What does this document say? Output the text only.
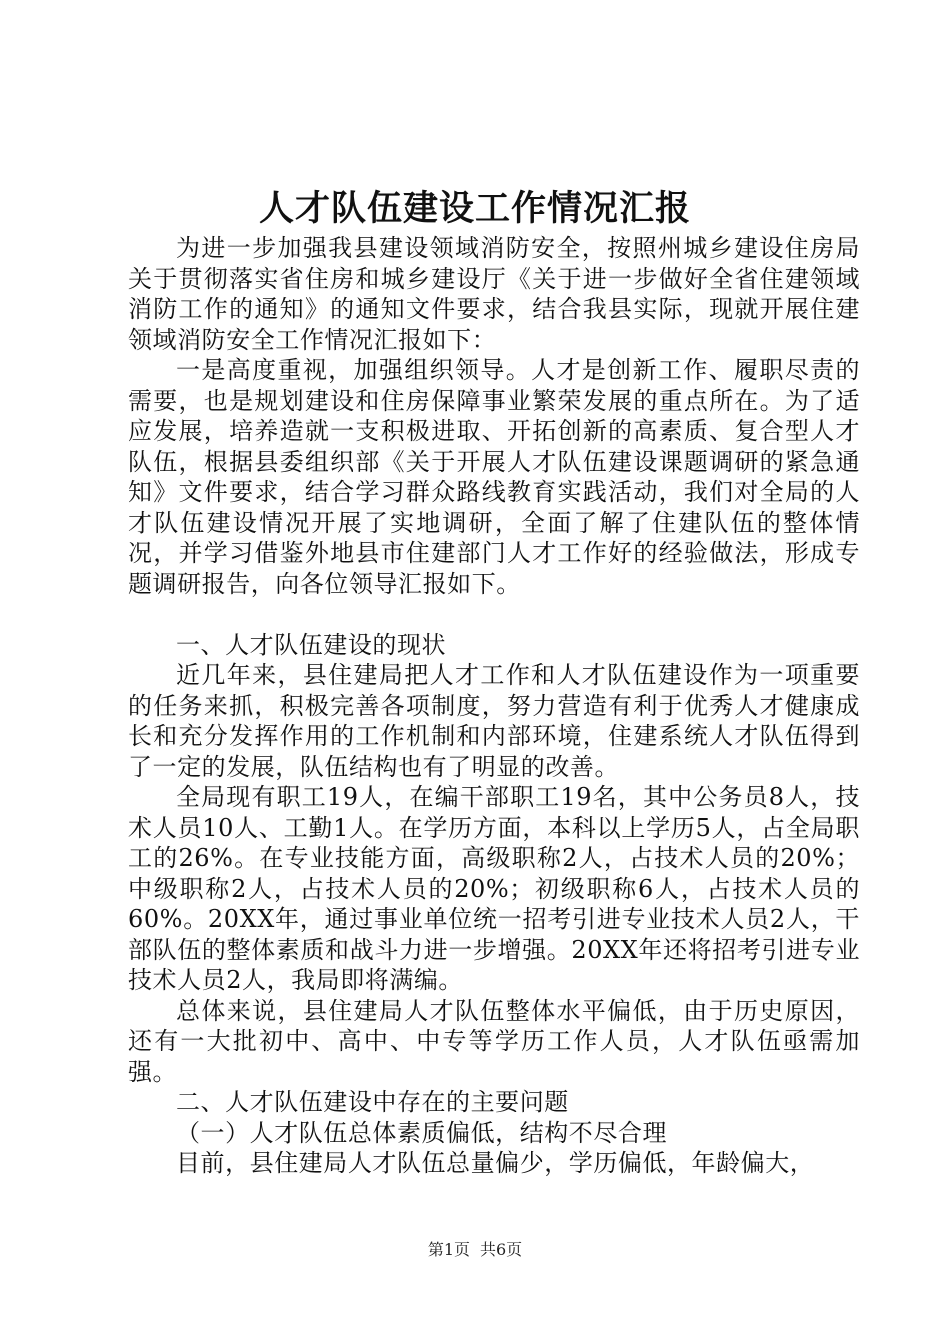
人才队伍建设工作情况汇报

为进一步加强我县建设领域消防安全，按照州城乡建设住房局关于贯彻落实省住房和城乡建设厅《关于进一步做好全省住建领域消防工作的通知》的通知文件要求，结合我县实际，现就开展住建领域消防安全工作情况汇报如下：

一是高度重视，加强组织领导。人才是创新工作、履职尽责的需要，也是规划建设和住房保障事业繁荣发展的重点所在。为了适应发展，培养造就一支积极进取、开拓创新的高素质、复合型人才队伍，根据县委组织部《关于开展人才队伍建设课题调研的紧急通知》文件要求，结合学习群众路线教育实践活动，我们对全局的人才队伍建设情况开展了实地调研，全面了解了住建队伍的整体情况，并学习借鉴外地县市住建部门人才工作好的经验做法，形成专题调研报告，向各位领导汇报如下。

一、人才队伍建设的现状

近几年来，县住建局把人才工作和人才队伍建设作为一项重要的任务来抓，积极完善各项制度，努力营造有利于优秀人才健康成长和充分发挥作用的工作机制和内部环境，住建系统人才队伍得到了一定的发展，队伍结构也有了明显的改善。

全局现有职工19人，在编干部职工19名，其中公务员8人，技术人员10人、工勤1人。在学历方面，本科以上学历5人，占全局职工的26%。在专业技能方面，高级职称2人，占技术人员的20%；中级职称2人，占技术人员的20%；初级职称6人，占技术人员的60%。20XX年，通过事业单位统一招考引进专业技术人员2人，干部队伍的整体素质和战斗力进一步增强。20XX年还将招考引进专业技术人员2人，我局即将满编。

总体来说，县住建局人才队伍整体水平偏低，由于历史原因，还有一大批初中、高中、中专等学历工作人员，人才队伍亟需加强。

二、人才队伍建设中存在的主要问题

（一）人才队伍总体素质偏低，结构不尽合理

目前，县住建局人才队伍总量偏少，学历偏低，年龄偏大，

第1页 共6页
